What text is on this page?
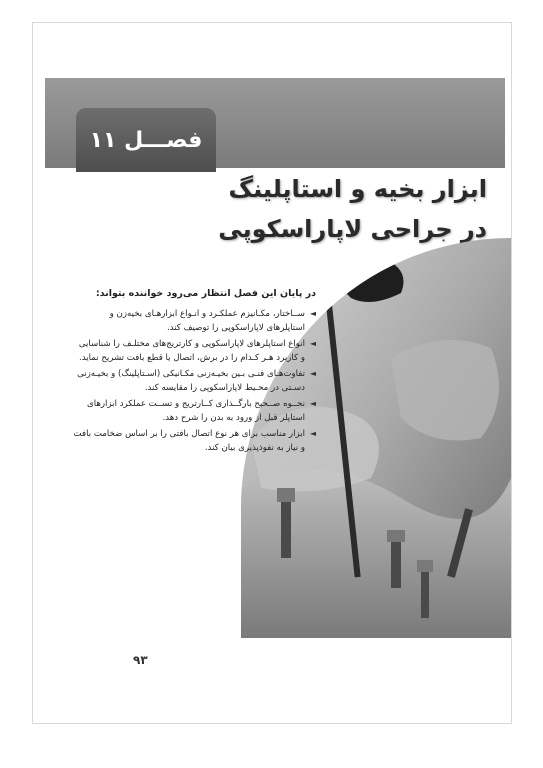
فصـــل ۱۱
ابزار بخیه و استاپلینگ
در جراحی لاپاراسکوپی
در پایان این فصل انتظار می‌رود خواننده بتواند:
◄
ســاختار، مکـانیزم عملکـرد و انـواع ابزارهـای بخیه‌زن و استاپلرهای لاپاراسکوپی را توصیف کند.
◄
انواع استاپلرهای لاپاراسکوپی و کارتریج‌های مختلـف را شناسایی و کاربرد هـر کـدام را در برش، اتصال یا قطع بافت تشریح نماید.
◄
تفاوت‌هـای فنـی بـین بخیـه‌زنی مکـانیکی (اسـتاپلینگ) و بخیـه‌زنی دسـتی در محـیط لاپاراسکوپی را مقایسه کند.
◄
نحــوه صــحیح بارگــذاری کــارتریج و تســت عملکرد ابزارهای استاپلر قبل از ورود به بدن را شرح دهد.
◄
ابزار مناسب برای هر نوع اتصال بافتی را بر اساس ضخامت بافت و نیاز به نفوذپذیری بیان کند.
۹۳
